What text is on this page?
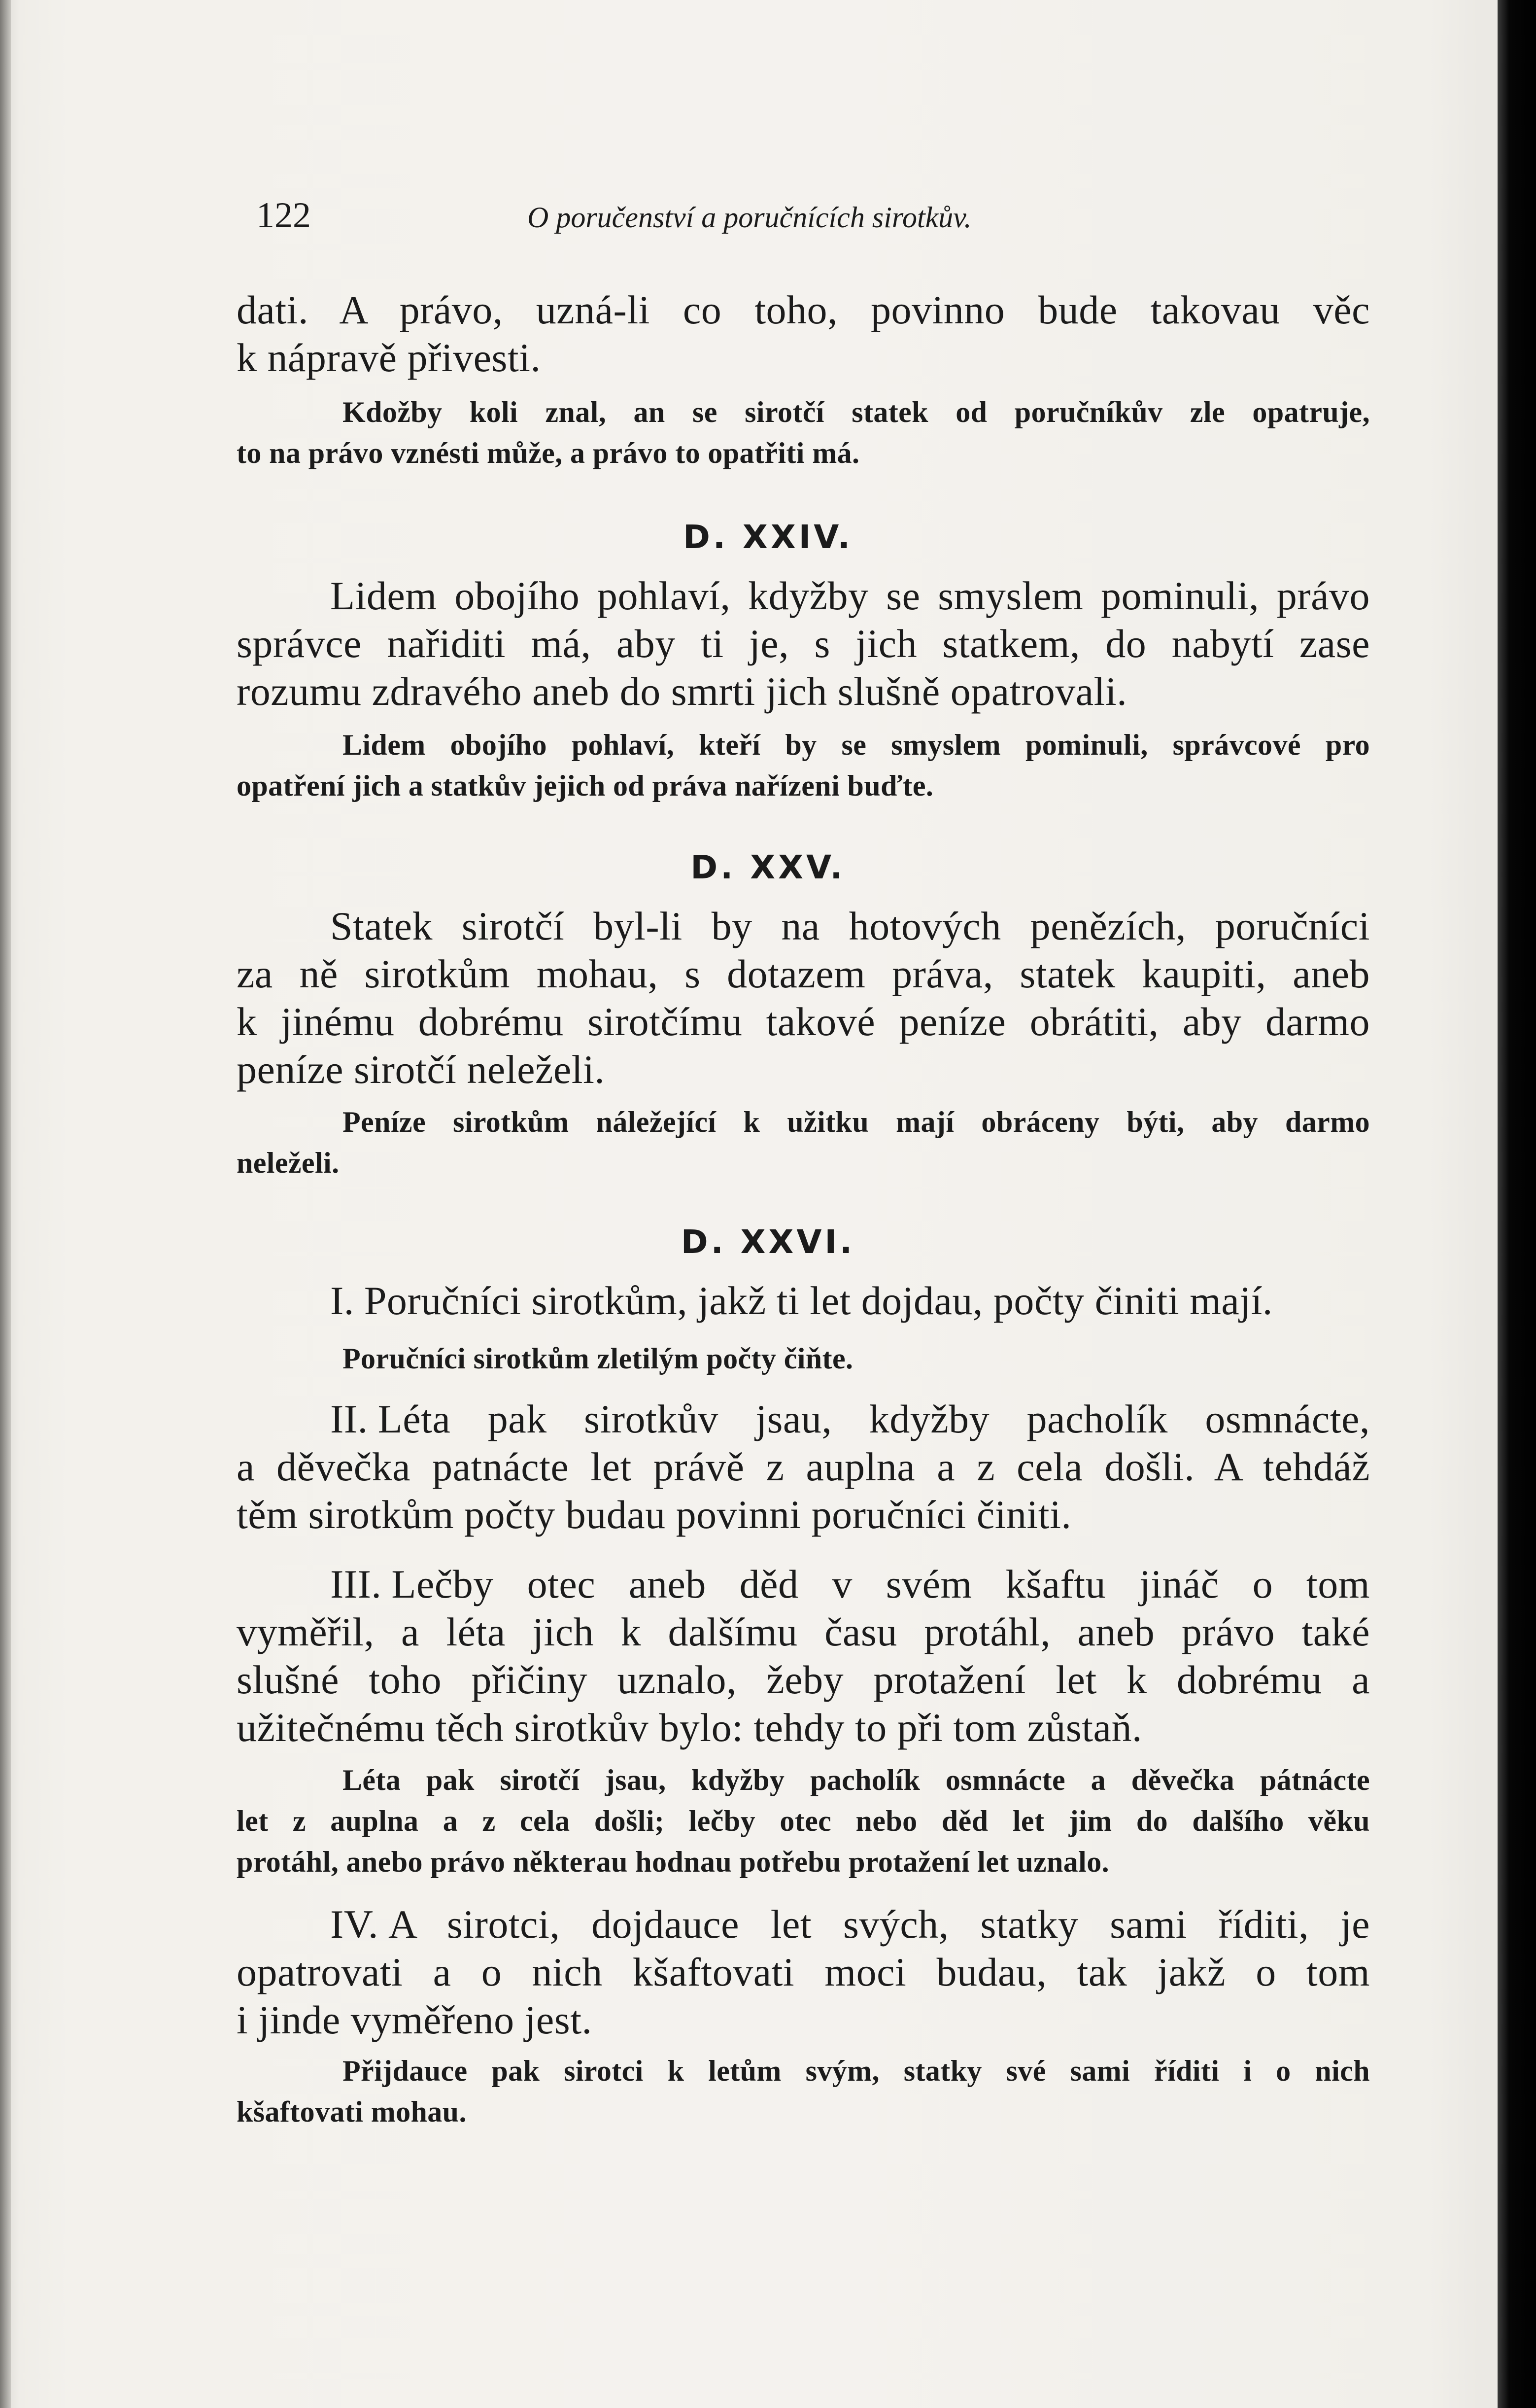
122	O poručenství a poručnících sirotkův.
dati. A právo, uzná-li co toho, povinno bude takovau věc
k nápravě přivesti.
Kdožby koli znal, an se sirotčí statek od poručníkův zle opatruje,
to na právo vznésti může, a právo to opatřiti má.
D. XXIV.
Lidem obojího pohlaví, kdyžby se smyslem pominuli, právo
správce nařiditi má, aby ti je, s jich statkem, do nabytí zase
rozumu zdravého aneb do smrti jich slušně opatrovali.
Lidem obojího pohlaví, kteří by se smyslem pominuli, správcové pro
opatření jich a statkův jejich od práva nařízeni buďte.
D. XXV.
Statek sirotčí byl-li by na hotových penězích, poručníci
za ně sirotkům mohau, s dotazem práva, statek kaupiti, aneb
k jinému dobrému sirotčímu takové peníze obrátiti, aby darmo
peníze sirotčí neleželi.
Peníze sirotkům náležející k užitku mají obráceny býti, aby darmo
neleželi.
D. XXVI.
I. Poručníci sirotkům, jakž ti let dojdau, počty činiti mají.
Poručníci sirotkům zletilým počty čiňte.
II. Léta pak sirotkův jsau, kdyžby pacholík osmnácte,
a děvečka patnácte let právě z auplna a z cela došli. A tehdáž
těm sirotkům počty budau povinni poručníci činiti.
III. Lečby otec aneb děd v svém kšaftu jináč o tom
vyměřil, a léta jich k dalšímu času protáhl, aneb právo také
slušné toho přičiny uznalo, žeby protažení let k dobrému a
užitečnému těch sirotkův bylo: tehdy to při tom zůstaň.
Léta pak sirotčí jsau, kdyžby pacholík osmnácte a děvečka pátnácte
let z auplna a z cela došli; lečby otec nebo děd let jim do dalšího věku
protáhl, anebo právo některau hodnau potřebu protažení let uznalo.
IV. A sirotci, dojdauce let svých, statky sami říditi, je
opatrovati a o nich kšaftovati moci budau, tak jakž o tom
i jinde vyměřeno jest.
Přijdauce pak sirotci k letům svým, statky své sami říditi i o nich
kšaftovati mohau.
